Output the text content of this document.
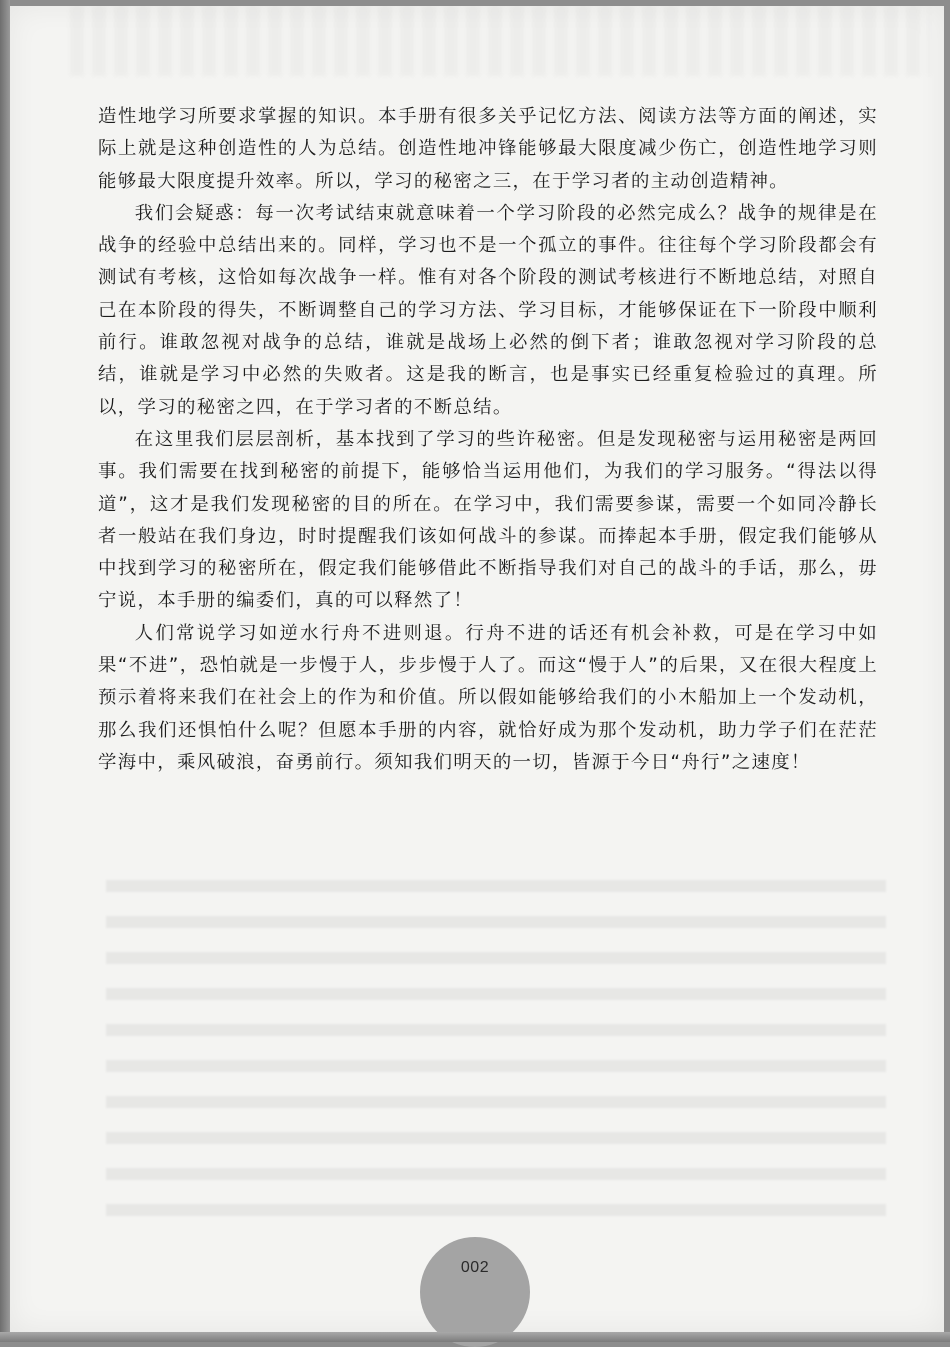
造性地学习所要求掌握的知识。本手册有很多关乎记忆方法、阅读方法等方面的阐述，实际上就是这种创造性的人为总结。创造性地冲锋能够最大限度减少伤亡，创造性地学习则能够最大限度提升效率。所以，学习的秘密之三，在于学习者的主动创造精神。

我们会疑惑：每一次考试结束就意味着一个学习阶段的必然完成么？战争的规律是在战争的经验中总结出来的。同样，学习也不是一个孤立的事件。往往每个学习阶段都会有测试有考核，这恰如每次战争一样。惟有对各个阶段的测试考核进行不断地总结，对照自己在本阶段的得失，不断调整自己的学习方法、学习目标，才能够保证在下一阶段中顺利前行。谁敢忽视对战争的总结，谁就是战场上必然的倒下者；谁敢忽视对学习阶段的总结，谁就是学习中必然的失败者。这是我的断言，也是事实已经重复检验过的真理。所以，学习的秘密之四，在于学习者的不断总结。

在这里我们层层剖析，基本找到了学习的些许秘密。但是发现秘密与运用秘密是两回事。我们需要在找到秘密的前提下，能够恰当运用他们，为我们的学习服务。“得法以得道”，这才是我们发现秘密的目的所在。在学习中，我们需要参谋，需要一个如同冷静长者一般站在我们身边，时时提醒我们该如何战斗的参谋。而捧起本手册，假定我们能够从中找到学习的秘密所在，假定我们能够借此不断指导我们对自己的战斗的手话，那么，毋宁说，本手册的编委们，真的可以释然了！

人们常说学习如逆水行舟不进则退。行舟不进的话还有机会补救，可是在学习中如果“不进”，恐怕就是一步慢于人，步步慢于人了。而这“慢于人”的后果，又在很大程度上预示着将来我们在社会上的作为和价值。所以假如能够给我们的小木船加上一个发动机，那么我们还惧怕什么呢？但愿本手册的内容，就恰好成为那个发动机，助力学子们在茫茫学海中，乘风破浪，奋勇前行。须知我们明天的一切，皆源于今日“舟行”之速度！

002
